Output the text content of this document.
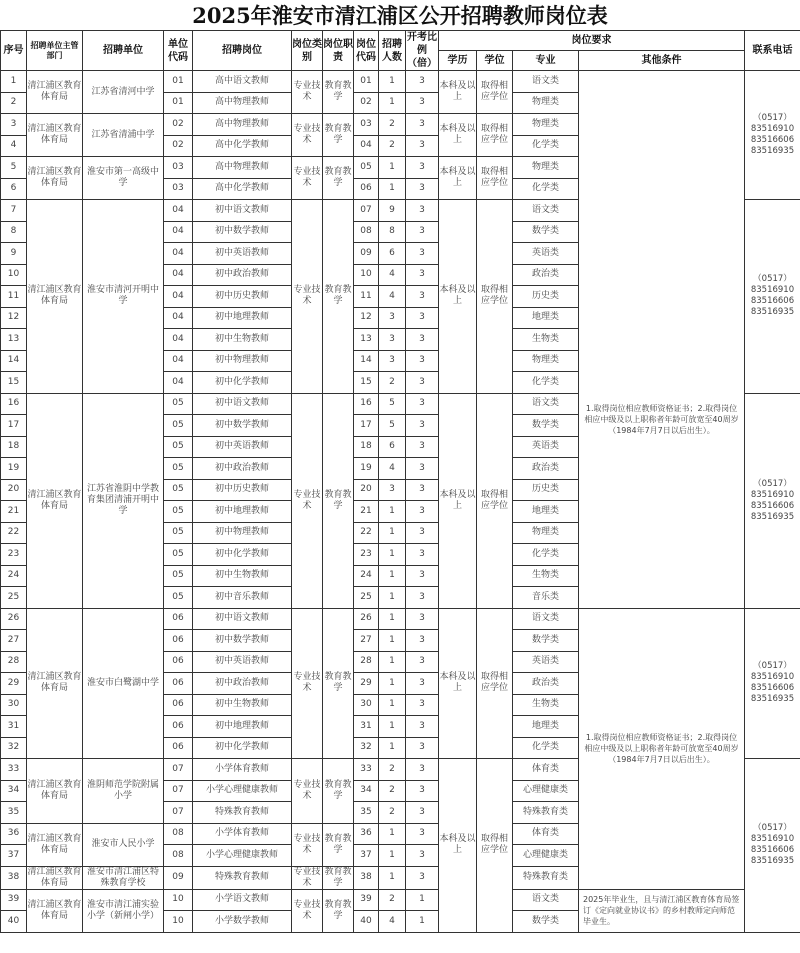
2025年淮安市清江浦区公开招聘教师岗位表
序号	招聘单位主管部门	招聘单位	单位代码	招聘岗位	岗位类别	岗位职责	岗位代码	招聘人数	开考比例（倍）	岗位要求				联系电话
										学历	学位	专业	其他条件	
1	清江浦区教育体育局	江苏省清河中学	01	高中语文教师	专业技术	教育教学	01	1	3	本科及以上	取得相应学位	语文类	1.取得岗位相应教师资格证书；2.取得岗位相应中级及以上职称者年龄可放宽至40周岁（1984年7月7日以后出生）。	（0517）
83516910
83516606
83516935

2			01	高中物理教师			02	1	3			物理类		
3	清江浦区教育体育局	江苏省清浦中学	02	高中物理教师	专业技术	教育教学	03	2	3	本科及以上	取得相应学位	物理类		
4			02	高中化学教师			04	2	3			化学类		
5	清江浦区教育体育局	淮安市第一高级中学	03	高中物理教师	专业技术	教育教学	05	1	3	本科及以上	取得相应学位	物理类		
6			03	高中化学教师			06	1	3			化学类		
7	清江浦区教育体育局	淮安市清河开明中学	04	初中语文教师	专业技术	教育教学	07	9	3	本科及以上	取得相应学位	语文类		（0517）
83516910
83516606
83516935

8			04	初中数学教师			08	8	3			数学类		
9			04	初中英语教师			09	6	3			英语类		
10			04	初中政治教师			10	4	3			政治类		
11			04	初中历史教师			11	4	3			历史类		
12			04	初中地理教师			12	3	3			地理类		
13			04	初中生物教师			13	3	3			生物类		
14			04	初中物理教师			14	3	3			物理类		
15			04	初中化学教师			15	2	3			化学类		
16	清江浦区教育体育局	江苏省淮阴中学教育集团清浦开明中学	05	初中语文教师	专业技术	教育教学	16	5	3	本科及以上	取得相应学位	语文类		（0517）
83516910
83516606
83516935

17			05	初中数学教师			17	5	3			数学类		
18			05	初中英语教师			18	6	3			英语类		
19			05	初中政治教师			19	4	3			政治类		
20			05	初中历史教师			20	3	3			历史类		
21			05	初中地理教师			21	1	3			地理类		
22			05	初中物理教师			22	1	3			物理类		
23			05	初中化学教师			23	1	3			化学类		
24			05	初中生物教师			24	1	3			生物类		
25			05	初中音乐教师			25	1	3			音乐类		
26	清江浦区教育体育局	淮安市白鹭湖中学	06	初中语文教师	专业技术	教育教学	26	1	3	本科及以上	取得相应学位	语文类	1.取得岗位相应教师资格证书；2.取得岗位相应中级及以上职称者年龄可放宽至40周岁（1984年7月7日以后出生）。	（0517）
83516910
83516606
83516935

27			06	初中数学教师			27	1	3			数学类		
28			06	初中英语教师			28	1	3			英语类		
29			06	初中政治教师			29	1	3			政治类		
30			06	初中生物教师			30	1	3			生物类		
31			06	初中地理教师			31	1	3			地理类		
32			06	初中化学教师			32	1	3			化学类		
33	清江浦区教育体育局	淮阴师范学院附属小学	07	小学体育教师	专业技术	教育教学	33	2	3	本科及以上	取得相应学位	体育类		（0517）
83516910
83516606
83516935

34			07	小学心理健康教师			34	2	3			心理健康类		
35			07	特殊教育教师			35	2	3			特殊教育类		
36	清江浦区教育体育局	淮安市人民小学	08	小学体育教师	专业技术	教育教学	36	1	3			体育类		
37			08	小学心理健康教师			37	1	3			心理健康类		
38	清江浦区教育体育局	淮安市清江浦区特殊教育学校	09	特殊教育教师	专业技术	教育教学	38	1	3			特殊教育类		
39	清江浦区教育体育局	淮安市清江浦实验小学（新闸小学）	10	小学语文教师	专业技术	教育教学	39	2	1			语文类	2025年毕业生，且与清江浦区教育体育局签订《定向就业协议书》的乡村教师定向师范毕业生。	
40			10	小学数学教师			40	4	1			数学类		
